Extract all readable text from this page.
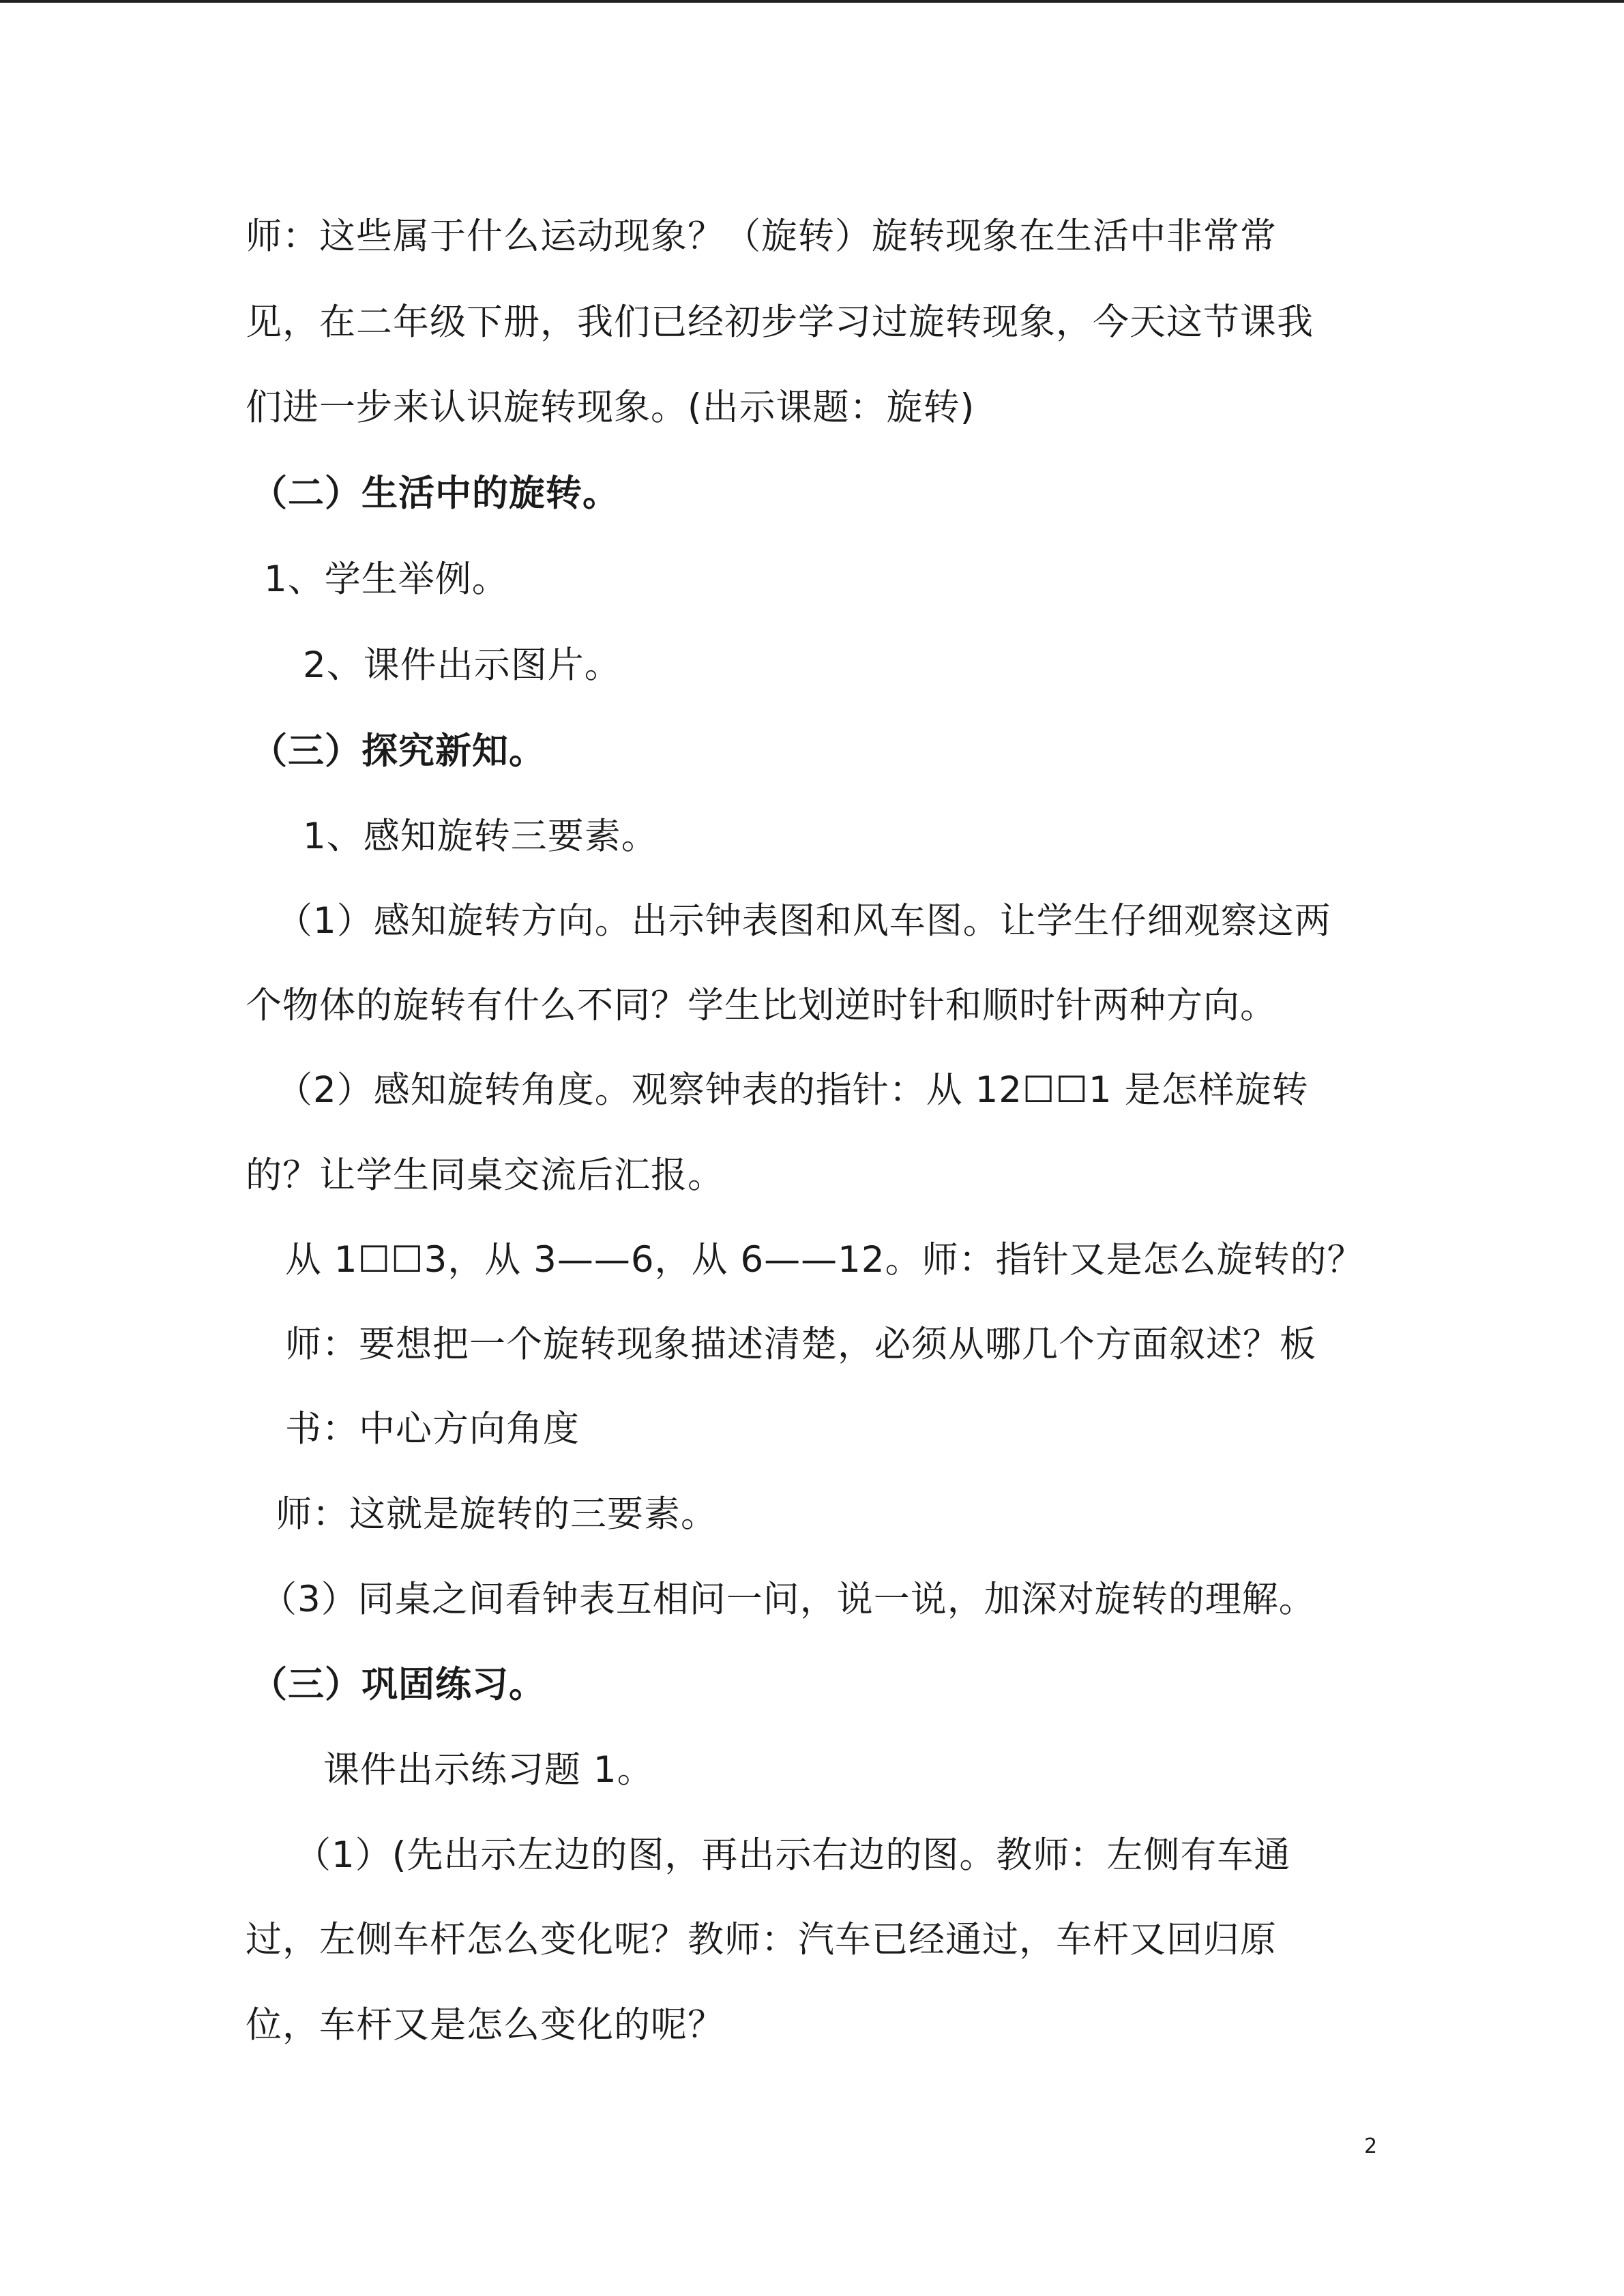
师：这些属于什么运动现象？（旋转）旋转现象在生活中非常常
见，在二年级下册，我们已经初步学习过旋转现象，今天这节课我
们进一步来认识旋转现象。(出示课题：旋转)
（二）生活中的旋转。
1、学生举例。
2、课件出示图片。
（三）探究新知。
1、感知旋转三要素。
（1）感知旋转方向。出示钟表图和风车图。让学生仔细观察这两
个物体的旋转有什么不同？学生比划逆时针和顺时针两种方向。
（2）感知旋转角度。观察钟表的指针：从 12☐☐1 是怎样旋转
的？让学生同桌交流后汇报。
从 1☐☐3，从 3——6，从 6——12。师：指针又是怎么旋转的？
师：要想把一个旋转现象描述清楚，必须从哪几个方面叙述？板
书：中心方向角度
师：这就是旋转的三要素。
（3）同桌之间看钟表互相问一问，说一说，加深对旋转的理解。
（三）巩固练习。
课件出示练习题 1。
（1）(先出示左边的图，再出示右边的图。教师：左侧有车通
过，左侧车杆怎么变化呢？教师：汽车已经通过，车杆又回归原
位，车杆又是怎么变化的呢？
2
